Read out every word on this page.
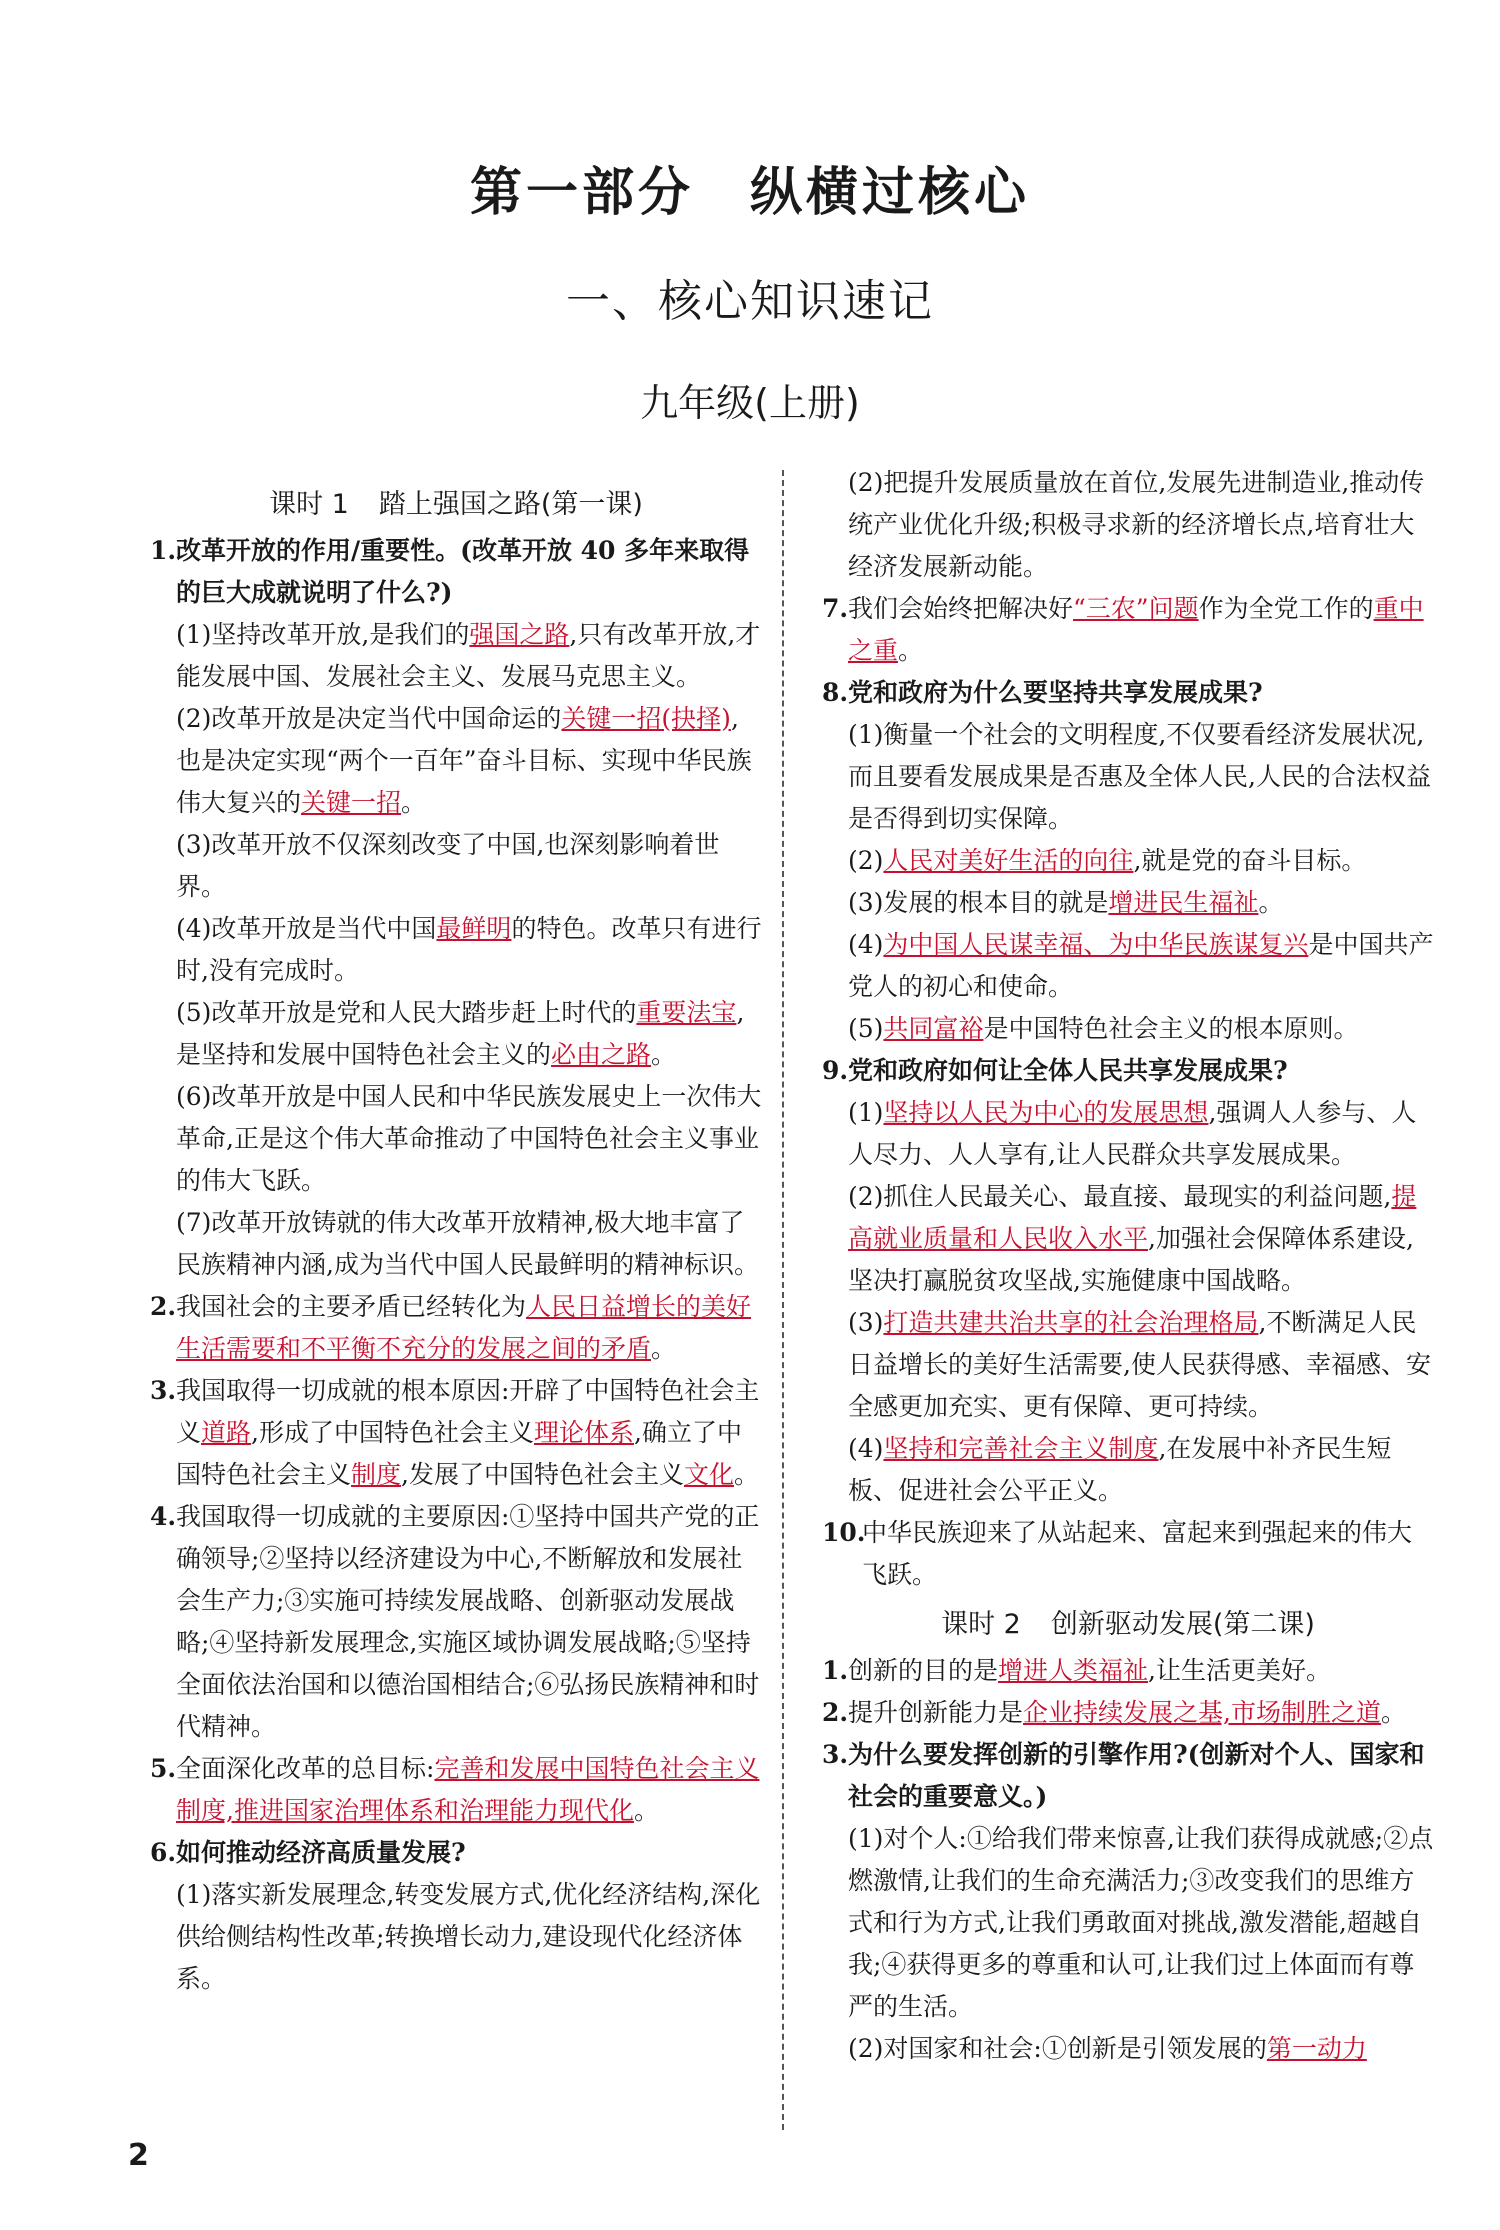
第一部分　纵横过核心
一、核心知识速记
九年级(上册)
课时 1 踏上强国之路(第一课)
1.改革开放的作用/重要性。(改革开放 40 多年来取得的巨大成就说明了什么?)
(1)坚持改革开放,是我们的强国之路,只有改革开放,才能发展中国、发展社会主义、发展马克思主义。
(2)改革开放是决定当代中国命运的关键一招(抉择),也是决定实现“两个一百年”奋斗目标、实现中华民族伟大复兴的关键一招。
(3)改革开放不仅深刻改变了中国,也深刻影响着世界。
(4)改革开放是当代中国最鲜明的特色。改革只有进行时,没有完成时。
(5)改革开放是党和人民大踏步赶上时代的重要法宝,是坚持和发展中国特色社会主义的必由之路。
(6)改革开放是中国人民和中华民族发展史上一次伟大革命,正是这个伟大革命推动了中国特色社会主义事业的伟大飞跃。
(7)改革开放铸就的伟大改革开放精神,极大地丰富了民族精神内涵,成为当代中国人民最鲜明的精神标识。
2.我国社会的主要矛盾已经转化为人民日益增长的美好生活需要和不平衡不充分的发展之间的矛盾。
3.我国取得一切成就的根本原因:开辟了中国特色社会主义道路,形成了中国特色社会主义理论体系,确立了中国特色社会主义制度,发展了中国特色社会主义文化。
4.我国取得一切成就的主要原因:①坚持中国共产党的正确领导;②坚持以经济建设为中心,不断解放和发展社会生产力;③实施可持续发展战略、创新驱动发展战略;④坚持新发展理念,实施区域协调发展战略;⑤坚持全面依法治国和以德治国相结合;⑥弘扬民族精神和时代精神。
5.全面深化改革的总目标:完善和发展中国特色社会主义制度,推进国家治理体系和治理能力现代化。
6.如何推动经济高质量发展?
(1)落实新发展理念,转变发展方式,优化经济结构,深化供给侧结构性改革;转换增长动力,建设现代化经济体系。
(2)把提升发展质量放在首位,发展先进制造业,推动传统产业优化升级;积极寻求新的经济增长点,培育壮大经济发展新动能。
7.我们会始终把解决好“三农”问题作为全党工作的重中之重。
8.党和政府为什么要坚持共享发展成果?
(1)衡量一个社会的文明程度,不仅要看经济发展状况,而且要看发展成果是否惠及全体人民,人民的合法权益是否得到切实保障。
(2)人民对美好生活的向往,就是党的奋斗目标。
(3)发展的根本目的就是增进民生福祉。
(4)为中国人民谋幸福、为中华民族谋复兴是中国共产党人的初心和使命。
(5)共同富裕是中国特色社会主义的根本原则。
9.党和政府如何让全体人民共享发展成果?
(1)坚持以人民为中心的发展思想,强调人人参与、人人尽力、人人享有,让人民群众共享发展成果。
(2)抓住人民最关心、最直接、最现实的利益问题,提高就业质量和人民收入水平,加强社会保障体系建设,坚决打赢脱贫攻坚战,实施健康中国战略。
(3)打造共建共治共享的社会治理格局,不断满足人民日益增长的美好生活需要,使人民获得感、幸福感、安全感更加充实、更有保障、更可持续。
(4)坚持和完善社会主义制度,在发展中补齐民生短板、促进社会公平正义。
10.中华民族迎来了从站起来、富起来到强起来的伟大飞跃。
课时 2 创新驱动发展(第二课)
1.创新的目的是增进人类福祉,让生活更美好。
2.提升创新能力是企业持续发展之基,市场制胜之道。
3.为什么要发挥创新的引擎作用?(创新对个人、国家和社会的重要意义。)
(1)对个人:①给我们带来惊喜,让我们获得成就感;②点燃激情,让我们的生命充满活力;③改变我们的思维方式和行为方式,让我们勇敢面对挑战,激发潜能,超越自我;④获得更多的尊重和认可,让我们过上体面而有尊严的生活。
(2)对国家和社会:①创新是引领发展的第一动力
2
